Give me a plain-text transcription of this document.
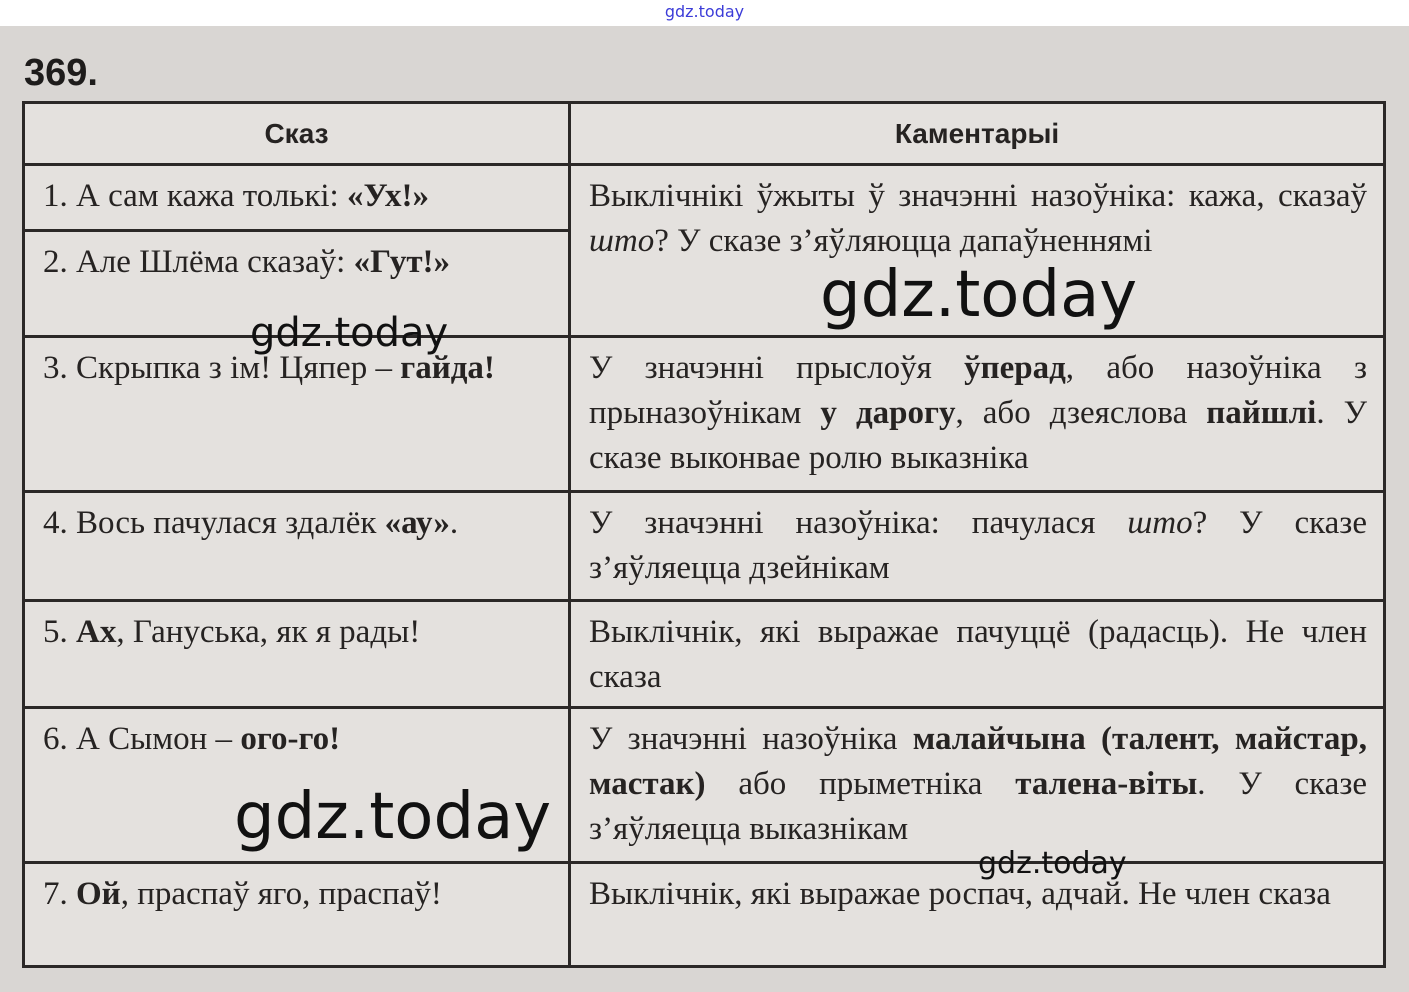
gdz.today
369.
Сказ	Каментарыі
1. А сам кажа толькі: «Ух!»	Выклічнікі ўжыты ў значэнні назоўніка: кажа, сказаў што? У сказе з’яўляюцца дапаўненнямі
2. Але Шлёма сказаў: «Гут!»	
3. Скрыпка з ім! Цяпер – гайда!	У значэнні прыслоўя ўперад, або назоўніка з прыназоўнікам у дарогу, або дзеяслова пайшлі. У сказе выконвае ролю выказніка
4. Вось пачулася здалёк «ау».	У значэнні назоўніка: пачулася што? У сказе з’яўляецца дзейнікам
5. Ах, Гануська, як я рады!	Выклічнік, які выражае пачуццё (радасць). Не член сказа
6. А Сымон – ого-го!	У значэнні назоўніка малайчына (талент, майстар, мастак) або прыметніка талена-віты. У сказе з’яўляецца выказнікам
7. Ой, праспаў яго, праспаў!	Выклічнік, які выражае роспач, адчай. Не член сказа
gdz.today
gdz.today
gdz.today
gdz.today
